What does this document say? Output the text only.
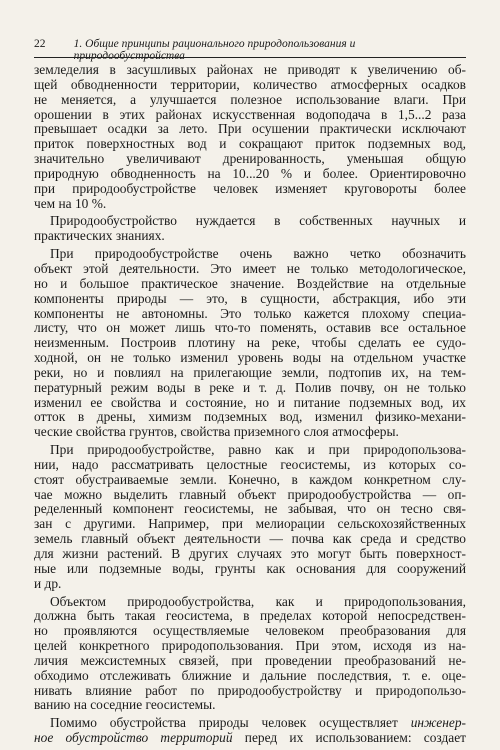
22	1. Общие принципы рационального природопользования и природообустройства
земледелия в засушливых районах не приводят к увеличению об-
щей обводненности территории, количество атмосферных осадков
не меняется, а улучшается полезное использование влаги. При
орошении в этих районах искусственная водоподача в 1,5...2 раза
превышает осадки за лето. При осушении практически исключают
приток поверхностных вод и сокращают приток подземных вод,
значительно увеличивают дренированность, уменьшая общую
природную обводненность на 10...20 % и более. Ориентировочно
при природообустройстве человек изменяет круговороты более
чем на 10 %.
Природообустройство нуждается в собственных научных и
практических знаниях.
При природообустройстве очень важно четко обозначить
объект этой деятельности. Это имеет не только методологическое,
но и большое практическое значение. Воздействие на отдельные
компоненты природы — это, в сущности, абстракция, ибо эти
компоненты не автономны. Это только кажется плохому специа-
листу, что он может лишь что-то поменять, оставив все остальное
неизменным. Построив плотину на реке, чтобы сделать ее судо-
ходной, он не только изменил уровень воды на отдельном участке
реки, но и повлиял на прилегающие земли, подтопив их, на тем-
пературный режим воды в реке и т. д. Полив почву, он не только
изменил ее свойства и состояние, но и питание подземных вод, их
отток в дрены, химизм подземных вод, изменил физико-механи-
ческие свойства грунтов, свойства приземного слоя атмосферы.
При природообустройстве, равно как и при природопользова-
нии, надо рассматривать целостные геосистемы, из которых со-
стоят обустраиваемые земли. Конечно, в каждом конкретном слу-
чае можно выделить главный объект природообустройства — оп-
ределенный компонент геосистемы, не забывая, что он тесно свя-
зан с другими. Например, при мелиорации сельскохозяйственных
земель главный объект деятельности — почва как среда и средство
для жизни растений. В других случаях это могут быть поверхност-
ные или подземные воды, грунты как основания для сооружений
и др.
Объектом природообустройства, как и природопользования,
должна быть такая геосистема, в пределах которой непосредствен-
но проявляются осуществляемые человеком преобразования для
целей конкретного природопользования. При этом, исходя из на-
личия межсистемных связей, при проведении преобразований не-
обходимо отслеживать ближние и дальние последствия, т. е. оце-
нивать влияние работ по природообустройству и природопользо-
ванию на соседние геосистемы.
Помимо обустройства природы человек осуществляет инженер-
ное обустройство территорий перед их использованием: создает
